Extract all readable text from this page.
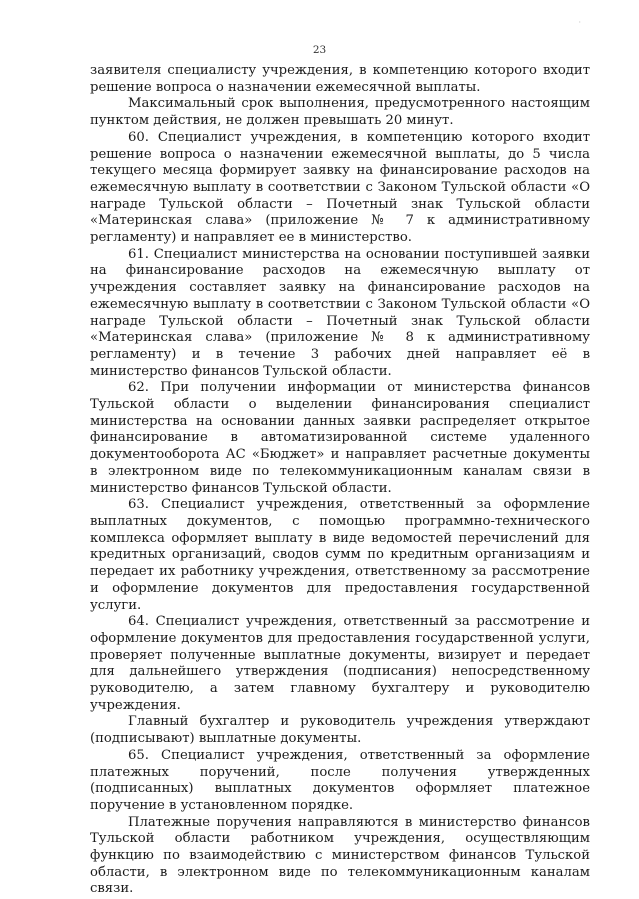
·
23

заявителя специалисту учреждения, в компетенцию которого входит решение вопроса о назначении ежемесячной выплаты.

Максимальный срок выполнения, предусмотренного настоящим пунктом действия, не должен превышать 20 минут.

60. Специалист учреждения, в компетенцию которого входит решение вопроса о назначении ежемесячной выплаты, до 5 числа текущего месяца формирует заявку на финансирование расходов на ежемесячную выплату в соответствии с Законом Тульской области «О награде Тульской области – Почетный знак Тульской области «Материнская слава» (приложение № 7 к административному регламенту) и направляет ее в министерство.

61. Специалист министерства на основании поступившей заявки на финансирование расходов на ежемесячную выплату от учреждения составляет заявку на финансирование расходов на ежемесячную выплату в соответствии с Законом Тульской области «О награде Тульской области – Почетный знак Тульской области «Материнская слава» (приложение № 8 к административному регламенту) и в течение 3 рабочих дней направляет её в министерство финансов Тульской области.

62. При получении информации от министерства финансов Тульской области о выделении финансирования специалист министерства на основании данных заявки распределяет открытое финансирование в автоматизированной системе удаленного документооборота АС «Бюджет» и направляет расчетные документы в электронном виде по телекоммуникационным каналам связи в министерство финансов Тульской области.

63. Специалист учреждения, ответственный за оформление выплатных документов, с помощью программно-технического комплекса оформляет выплату в виде ведомостей перечислений для кредитных организаций, сводов сумм по кредитным организациям и передает их работнику учреждения, ответственному за рассмотрение и оформление документов для предоставления государственной услуги.

64. Специалист учреждения, ответственный за рассмотрение и оформление документов для предоставления государственной услуги, проверяет полученные выплатные документы, визирует и передает для дальнейшего утверждения (подписания) непосредственному руководителю, а затем главному бухгалтеру и руководителю учреждения.

Главный бухгалтер и руководитель учреждения утверждают (подписывают) выплатные документы.

65. Специалист учреждения, ответственный за оформление платежных поручений, после получения утвержденных (подписанных) выплатных документов оформляет платежное поручение в установленном порядке.

Платежные поручения направляются в министерство финансов Тульской области работником учреждения, осуществляющим функцию по взаимодействию с министерством финансов Тульской области, в электронном виде по телекоммуникационным каналам связи.
